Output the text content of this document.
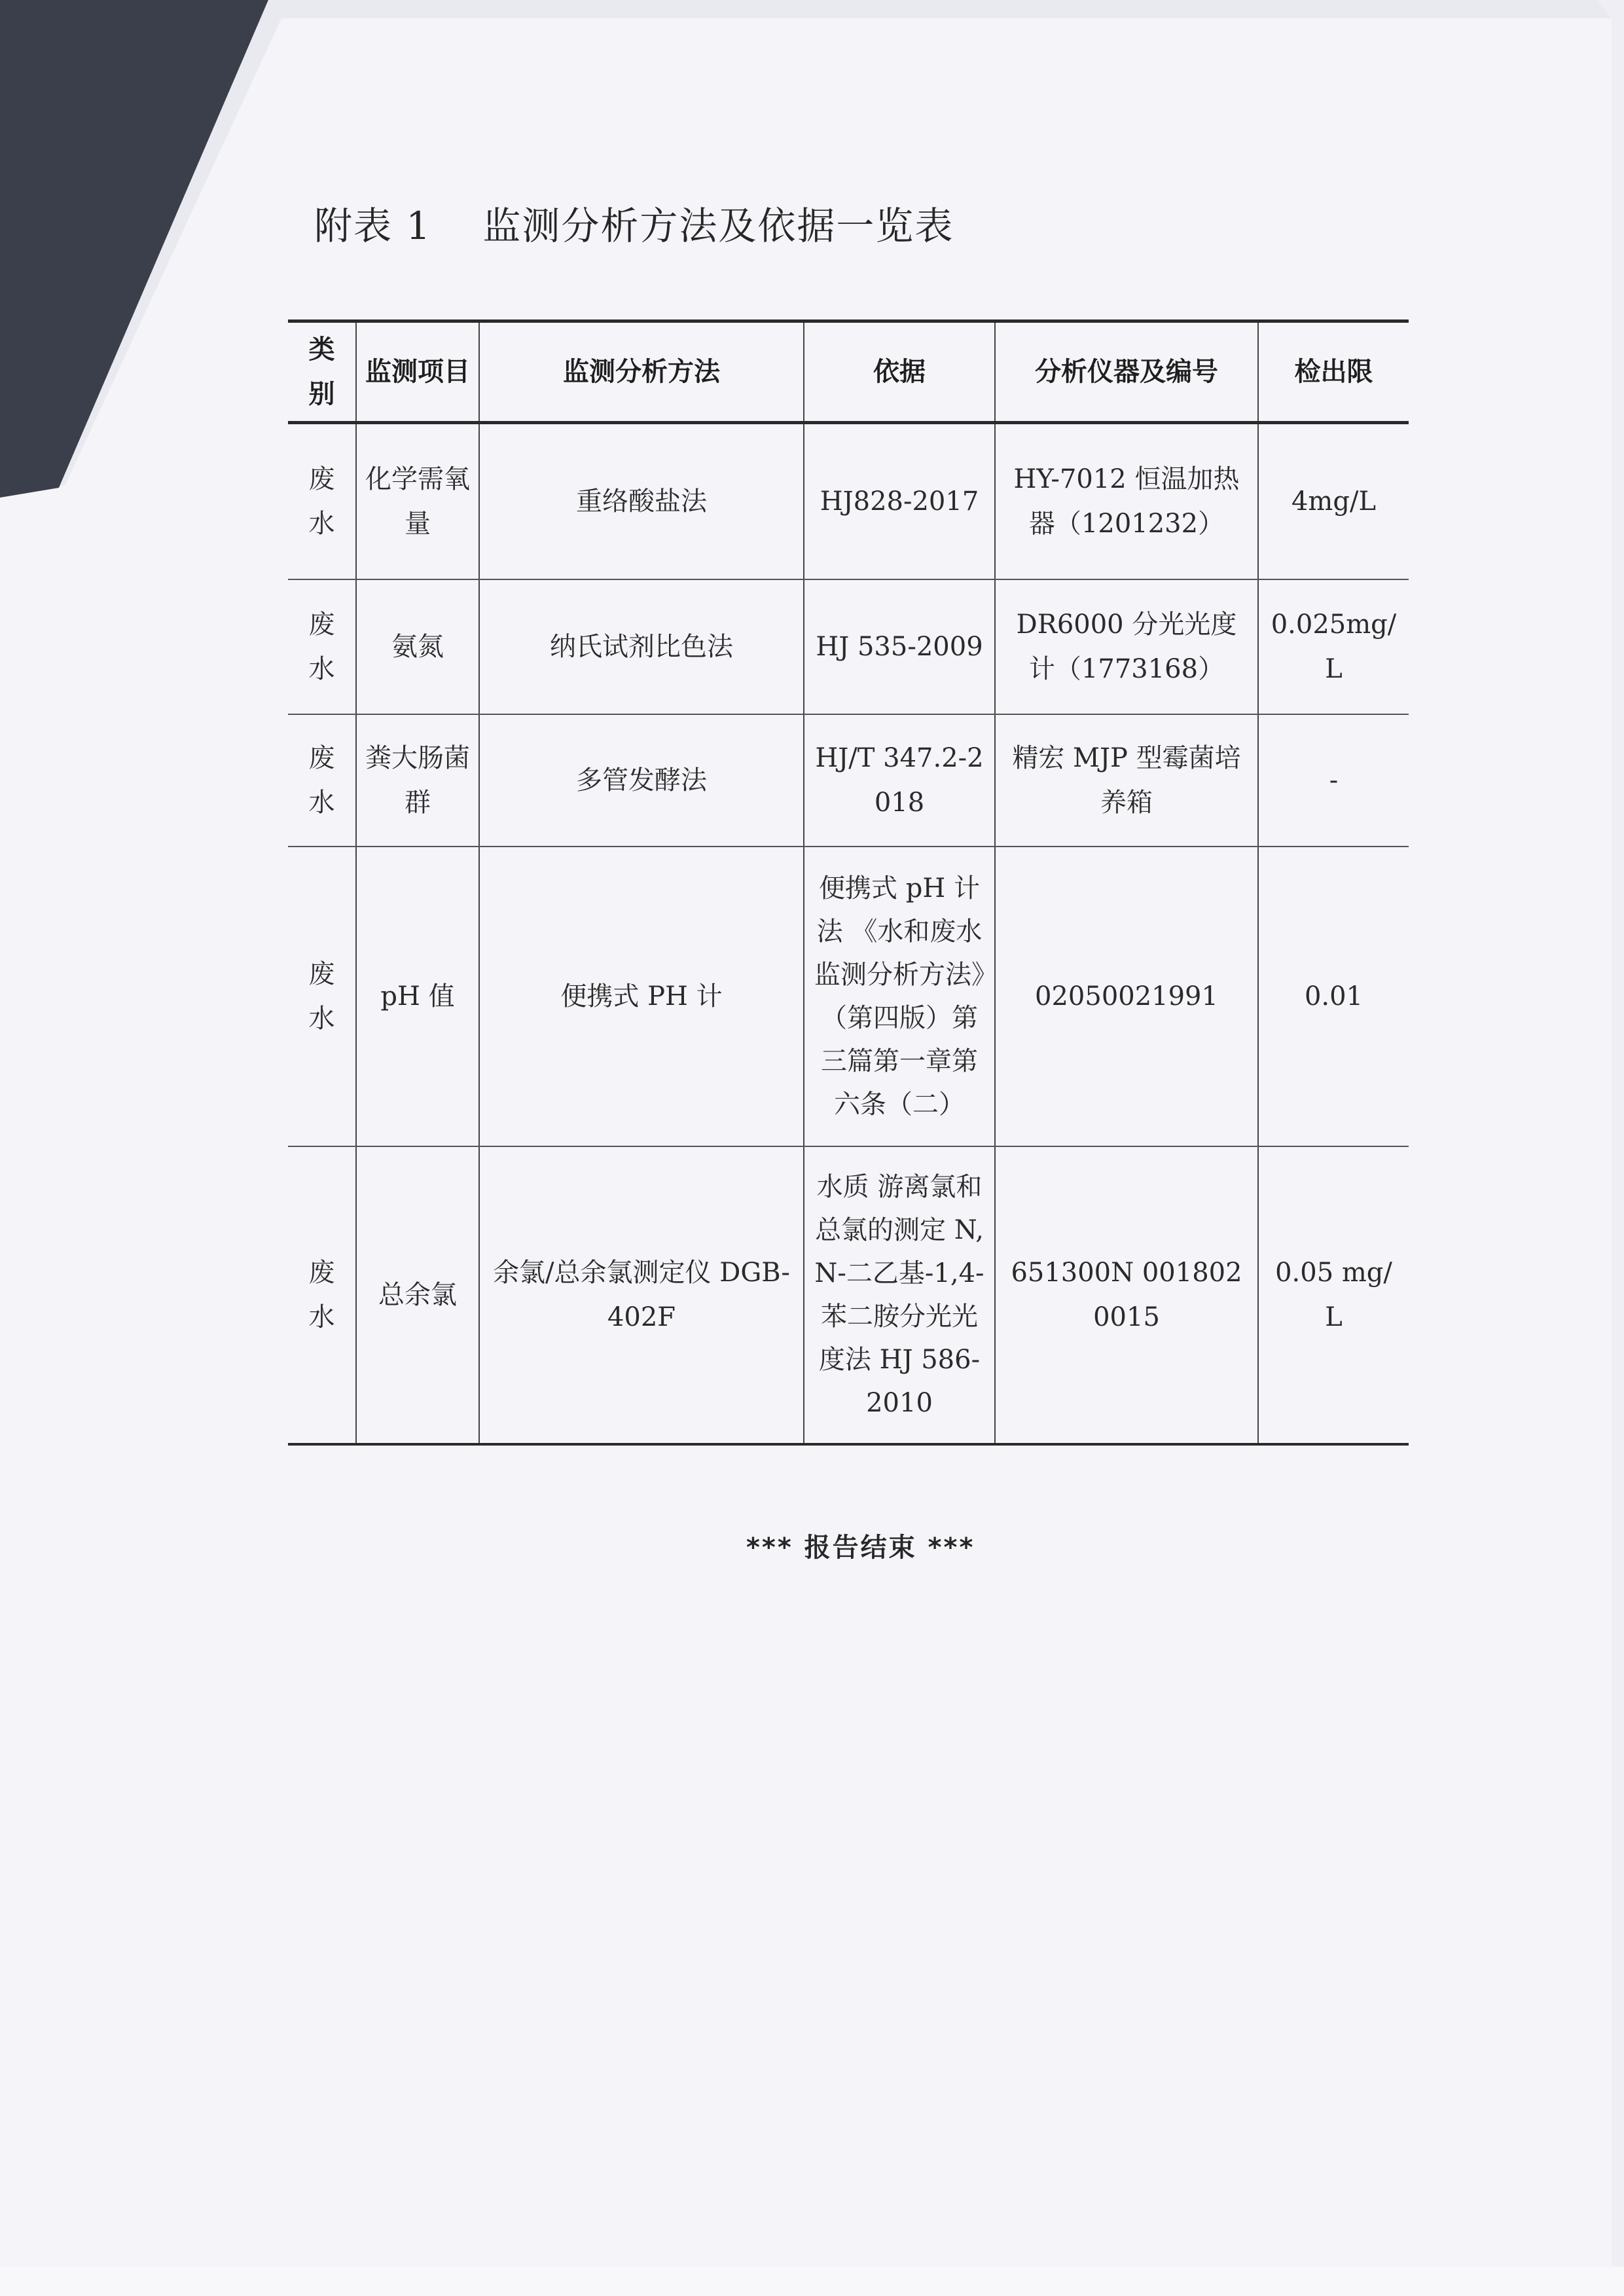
附表 1 监测分析方法及依据一览表
类别	监测项目	监测分析方法	依据	分析仪器及编号	检出限
废水	化学需氧量	重络酸盐法	HJ828-2017	HY-7012 恒温加热器（1201232）	4mg/L
废水	氨氮	纳氏试剂比色法	HJ 535-2009	DR6000 分光光度计（1773168）	0.025mg/L
废水	粪大肠菌群	多管发酵法	HJ/T 347.2-2018	精宏 MJP 型霉菌培养箱	-
废水	pH 值	便携式 PH 计	便携式 pH 计法 《水和废水监测分析方法》（第四版）第三篇第一章第六条（二）	02050021991	0.01
废水	总余氯	余氯/总余氯测定仪 DGB-402F	水质 游离氯和总氯的测定 N,N-二乙基-1,4-苯二胺分光光度法 HJ 586-2010	651300N 0018020015	0.05 mg/L
*** 报告结束 ***
